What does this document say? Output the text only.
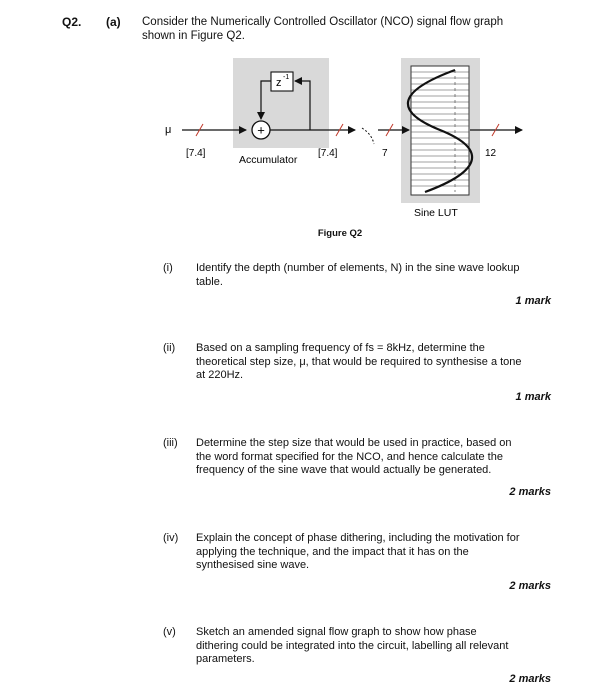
Q2. (a) Consider the Numerically Controlled Oscillator (NCO) signal flow graph

shown in Figure Q2.

μ
[7.4]
+
z -1
Accumulator
[7.4]	7	12
Sine LUT
Figure Q2
(i) Identify the depth (number of elements, N) in the sine wave lookup
table.
1 mark
(ii) Based on a sampling frequency of fs = 8kHz, determine the
theoretical step size, μ, that would be required to synthesise a tone
at 220Hz.
1 mark
(iii) Determine the step size that would be used in practice, based on
the word format specified for the NCO, and hence calculate the
frequency of the sine wave that would actually be generated.
2 marks
(iv) Explain the concept of phase dithering, including the motivation for
applying the technique, and the impact that it has on the
synthesised sine wave.
2 marks
(v) Sketch an amended signal flow graph to show how phase
dithering could be integrated into the circuit, labelling all relevant
parameters.
2 marks
